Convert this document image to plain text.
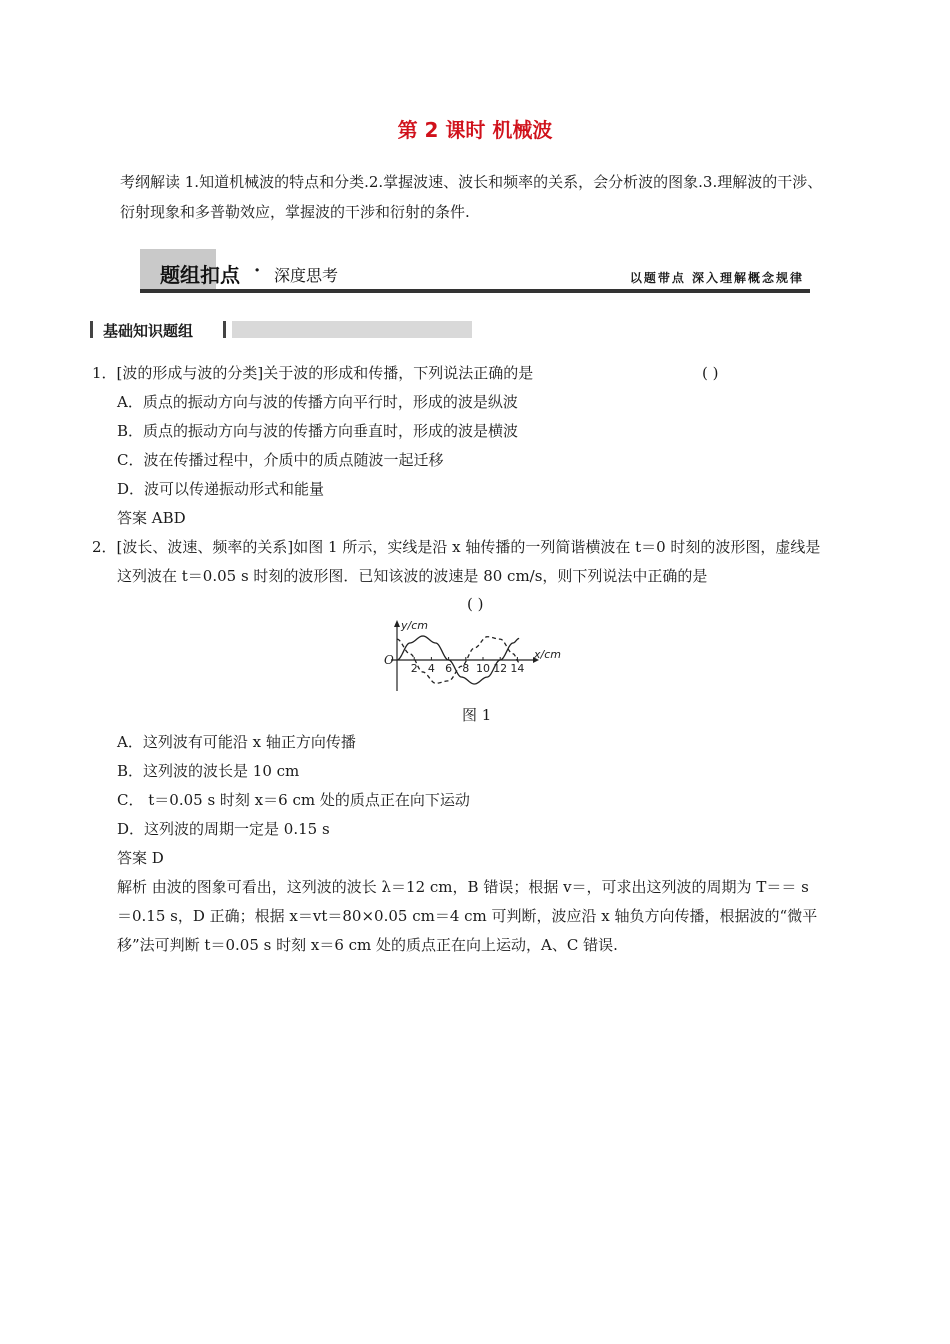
第 2 课时 机械波
考纲解读 1.知道机械波的特点和分类.2.掌握波速、波长和频率的关系，会分析波的图象.3.理解波的干涉、
衍射现象和多普勒效应，掌握波的干涉和衍射的条件.
题组扣点 · 深度思考	以题带点 深入理解概念规律
基础知识题组
1．[波的形成与波的分类]关于波的形成和传播，下列说法正确的是	( )
A．质点的振动方向与波的传播方向平行时，形成的波是纵波
B．质点的振动方向与波的传播方向垂直时，形成的波是横波
C．波在传播过程中，介质中的质点随波一起迁移
D．波可以传递振动形式和能量
答案 ABD
2．[波长、波速、频率的关系]如图 1 所示，实线是沿 x 轴传播的一列简谐横波在 t＝0 时刻的波形图，虚线是
这列波在 t＝0.05 s 时刻的波形图．已知该波的波速是 80 cm/s，则下列说法中正确的是
( )
2 4 6 8 10 12 14
O
y/cm
x/cm
图 1
A．这列波有可能沿 x 轴正方向传播
B．这列波的波长是 10 cm
C． t＝0.05 s 时刻 x＝6 cm 处的质点正在向下运动
D．这列波的周期一定是 0.15 s
答案 D
解析 由波的图象可看出，这列波的波长 λ＝12 cm，B 错误；根据 v＝，可求出这列波的周期为 T＝＝ s
＝0.15 s，D 正确；根据 x＝vt＝80×0.05 cm＝4 cm 可判断，波应沿 x 轴负方向传播，根据波的“微平
移”法可判断 t＝0.05 s 时刻 x＝6 cm 处的质点正在向上运动，A、C 错误.
